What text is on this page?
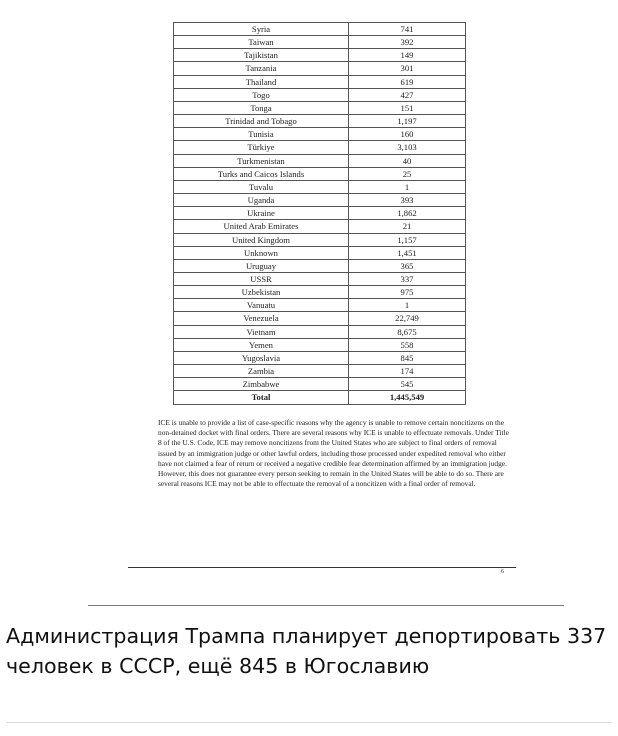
Syria	741
Taiwan	392
Tajikistan	149
Tanzania	301
Thailand	619
Togo	427
Tonga	151
Trinidad and Tobago	1,197
Tunisia	160
Türkiye	3,103
Turkmenistan	40
Turks and Caicos Islands	25
Tuvalu	1
Uganda	393
Ukraine	1,862
United Arab Emirates	21
United Kingdom	1,157
Unknown	1,451
Uruguay	365
USSR	337
Uzbekistan	975
Vanuatu	1
Venezuela	22,749
Vietnam	8,675
Yemen	558
Yugoslavia	845
Zambia	174
Zimbabwe	545
Total	1,445,549
ICE is unable to provide a list of case-specific reasons why the agency is unable to remove certain noncitizens on the non-detained docket with final orders. There are several reasons why ICE is unable to effectuate removals. Under Title 8 of the U.S. Code, ICE may remove noncitizens from the United States who are subject to final orders of removal issued by an immigration judge or other lawful orders, including those processed under expedited removal who either have not claimed a fear of return or received a negative credible fear determination affirmed by an immigration judge. However, this does not guarantee every person seeking to remain in the United States will be able to do so. There are several reasons ICE may not be able to effectuate the removal of a noncitizen with a final order of removal.
6
Администрация Трампа планирует депортировать 337 человек в СССР, ещё 845 в Югославию
